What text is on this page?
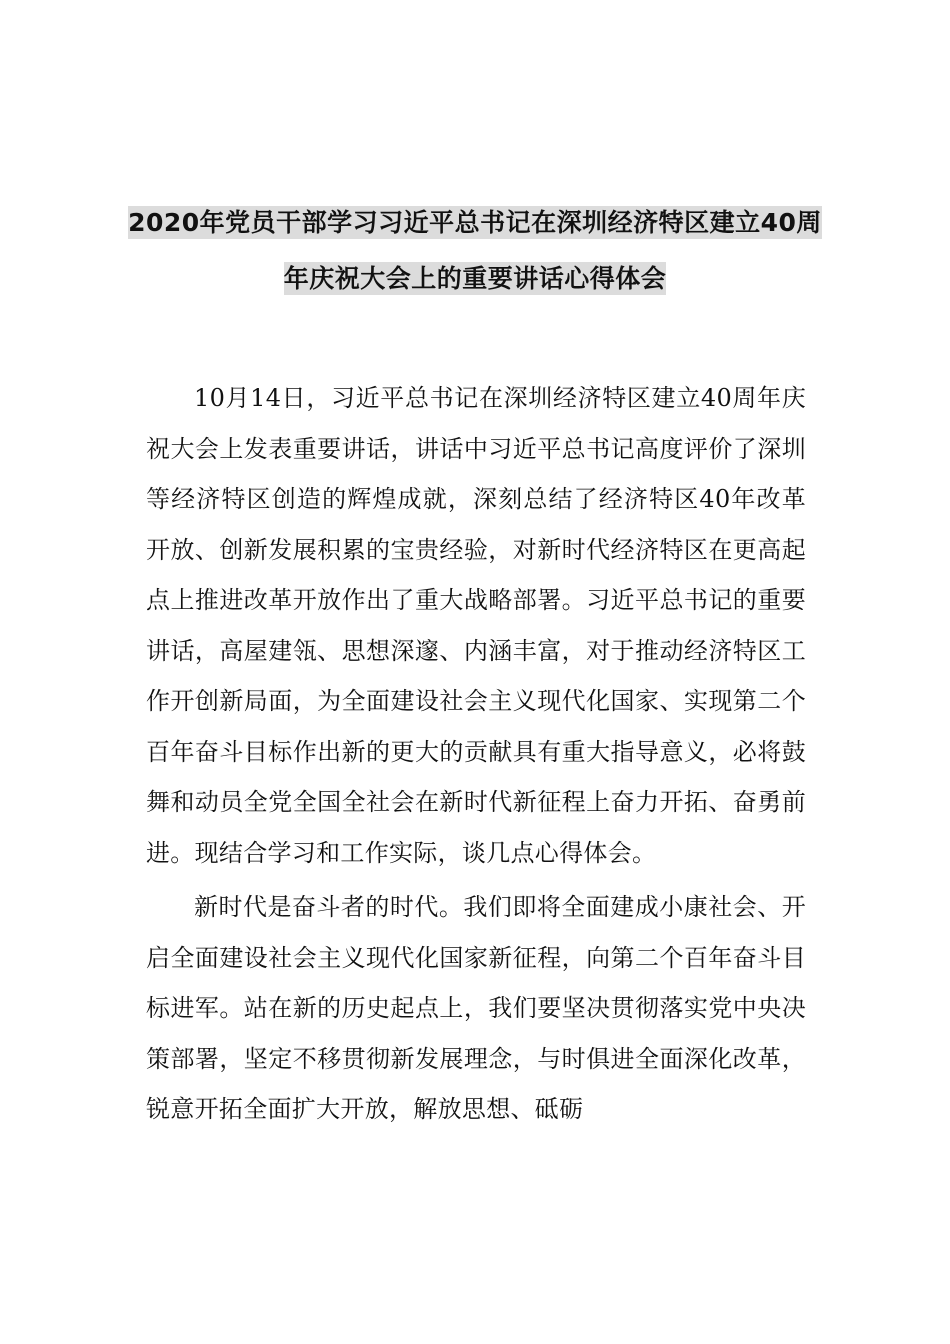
2020年党员干部学习习近平总书记在深圳经济特区建立40周
年庆祝大会上的重要讲话心得体会

10月14日，习近平总书记在深圳经济特区建立40周年庆祝大会上发表重要讲话，讲话中习近平总书记高度评价了深圳等经济特区创造的辉煌成就，深刻总结了经济特区40年改革开放、创新发展积累的宝贵经验，对新时代经济特区在更高起点上推进改革开放作出了重大战略部署。习近平总书记的重要讲话，高屋建瓴、思想深邃、内涵丰富，对于推动经济特区工作开创新局面，为全面建设社会主义现代化国家、实现第二个百年奋斗目标作出新的更大的贡献具有重大指导意义，必将鼓舞和动员全党全国全社会在新时代新征程上奋力开拓、奋勇前进。现结合学习和工作实际，谈几点心得体会。

新时代是奋斗者的时代。我们即将全面建成小康社会、开启全面建设社会主义现代化国家新征程，向第二个百年奋斗目标进军。站在新的历史起点上，我们要坚决贯彻落实党中央决策部署，坚定不移贯彻新发展理念，与时俱进全面深化改革，锐意开拓全面扩大开放，解放思想、砥砺
